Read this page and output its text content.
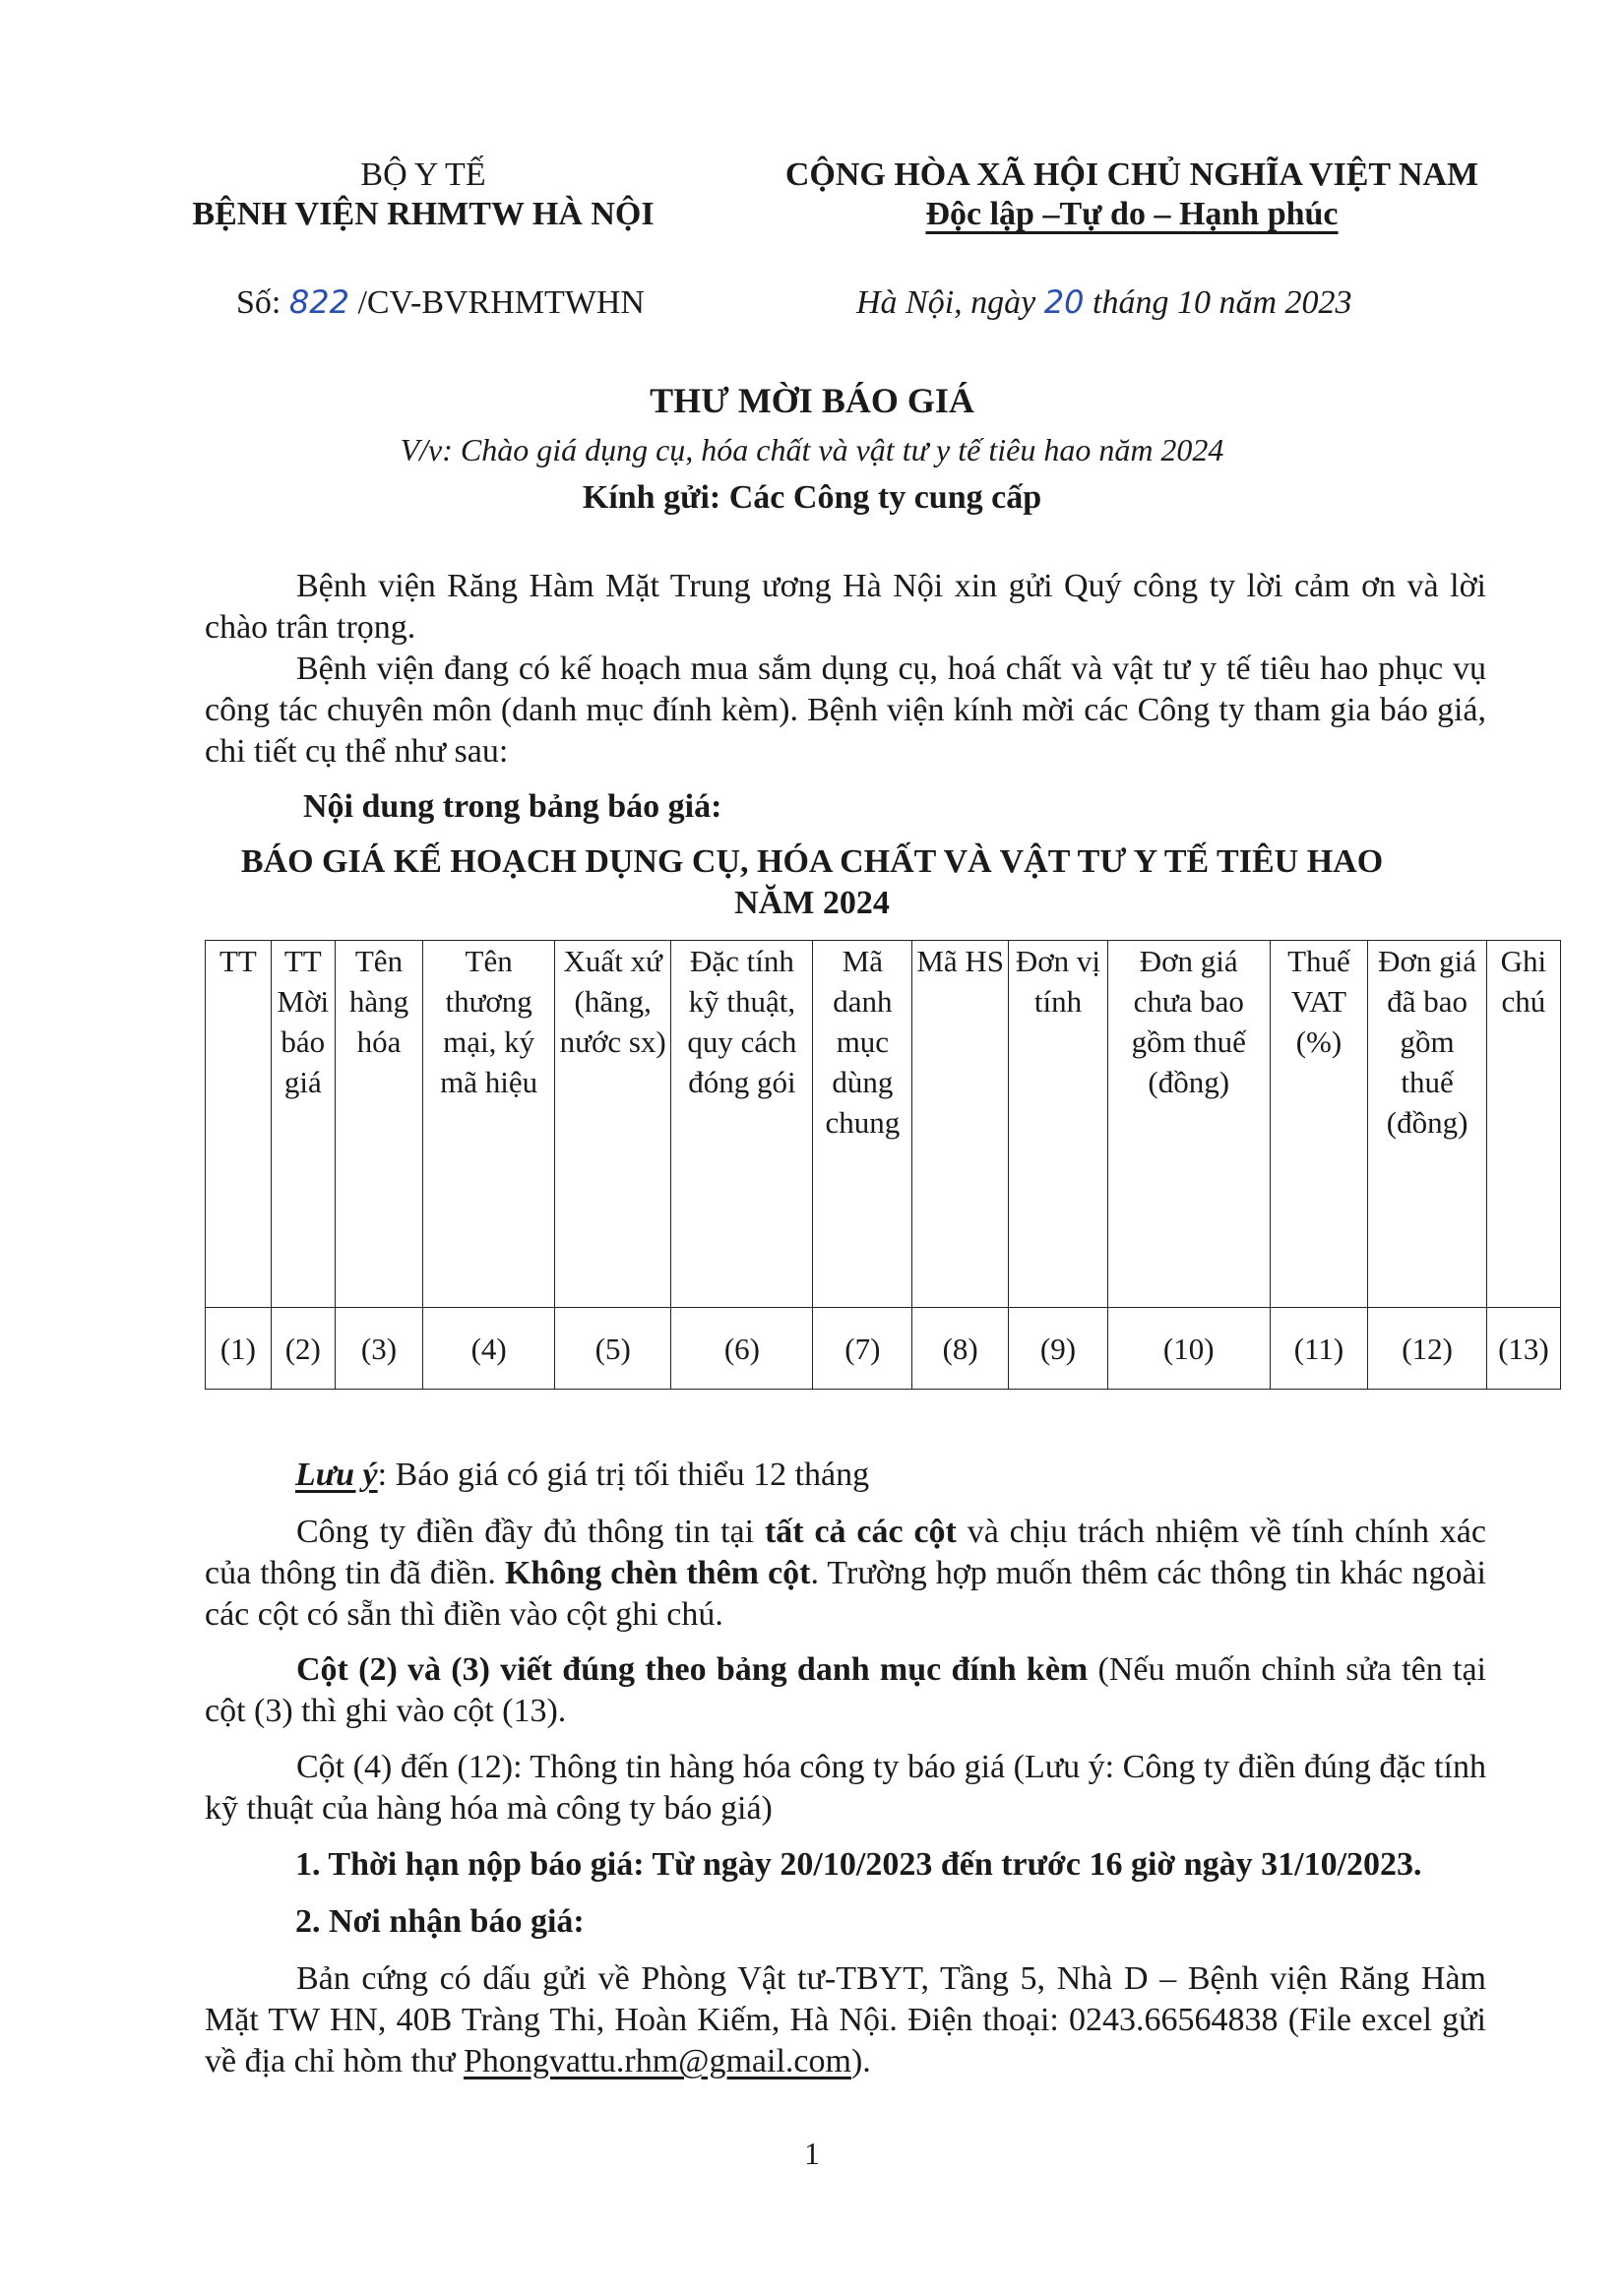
BỘ Y TẾ
BỆNH VIỆN RHMTW HÀ NỘI
CỘNG HÒA XÃ HỘI CHỦ NGHĨA VIỆT NAM
Độc lập –Tự do – Hạnh phúc
Số: 822 /CV-BVRHMTWHN	Hà Nội, ngày 20 tháng 10 năm 2023
THƯ MỜI BÁO GIÁ
V/v: Chào giá dụng cụ, hóa chất và vật tư y tế tiêu hao năm 2024
Kính gửi: Các Công ty cung cấp
Bệnh viện Răng Hàm Mặt Trung ương Hà Nội xin gửi Quý công ty lời cảm ơn và lời chào trân trọng.
Bệnh viện đang có kế hoạch mua sắm dụng cụ, hoá chất và vật tư y tế tiêu hao phục vụ công tác chuyên môn (danh mục đính kèm). Bệnh viện kính mời các Công ty tham gia báo giá, chi tiết cụ thể như sau:
Nội dung trong bảng báo giá:
BÁO GIÁ KẾ HOẠCH DỤNG CỤ, HÓA CHẤT VÀ VẬT TƯ Y TẾ TIÊU HAO NĂM 2024
TT	TT Mời báo giá	Tên hàng hóa	Tên thương mại, ký mã hiệu	Xuất xứ (hãng, nước sx)	Đặc tính kỹ thuật, quy cách đóng gói	Mã danh mục dùng chung	Mã HS	Đơn vị tính	Đơn giá chưa bao gồm thuế (đồng)	Thuế VAT (%)	Đơn giá đã bao gồm thuế (đồng)	Ghi chú
(1)	(2)	(3)	(4)	(5)	(6)	(7)	(8)	(9)	(10)	(11)	(12)	(13)
Lưu ý: Báo giá có giá trị tối thiểu 12 tháng
Công ty điền đầy đủ thông tin tại tất cả các cột và chịu trách nhiệm về tính chính xác của thông tin đã điền. Không chèn thêm cột. Trường hợp muốn thêm các thông tin khác ngoài các cột có sẵn thì điền vào cột ghi chú.
Cột (2) và (3) viết đúng theo bảng danh mục đính kèm (Nếu muốn chỉnh sửa tên tại cột (3) thì ghi vào cột (13).
Cột (4) đến (12): Thông tin hàng hóa công ty báo giá (Lưu ý: Công ty điền đúng đặc tính kỹ thuật của hàng hóa mà công ty báo giá)
1. Thời hạn nộp báo giá: Từ ngày 20/10/2023 đến trước 16 giờ ngày 31/10/2023.
2. Nơi nhận báo giá:
Bản cứng có dấu gửi về Phòng Vật tư-TBYT, Tầng 5, Nhà D – Bệnh viện Răng Hàm Mặt TW HN, 40B Tràng Thi, Hoàn Kiếm, Hà Nội. Điện thoại: 0243.66564838 (File excel gửi về địa chỉ hòm thư Phongvattu.rhm@gmail.com).
1
